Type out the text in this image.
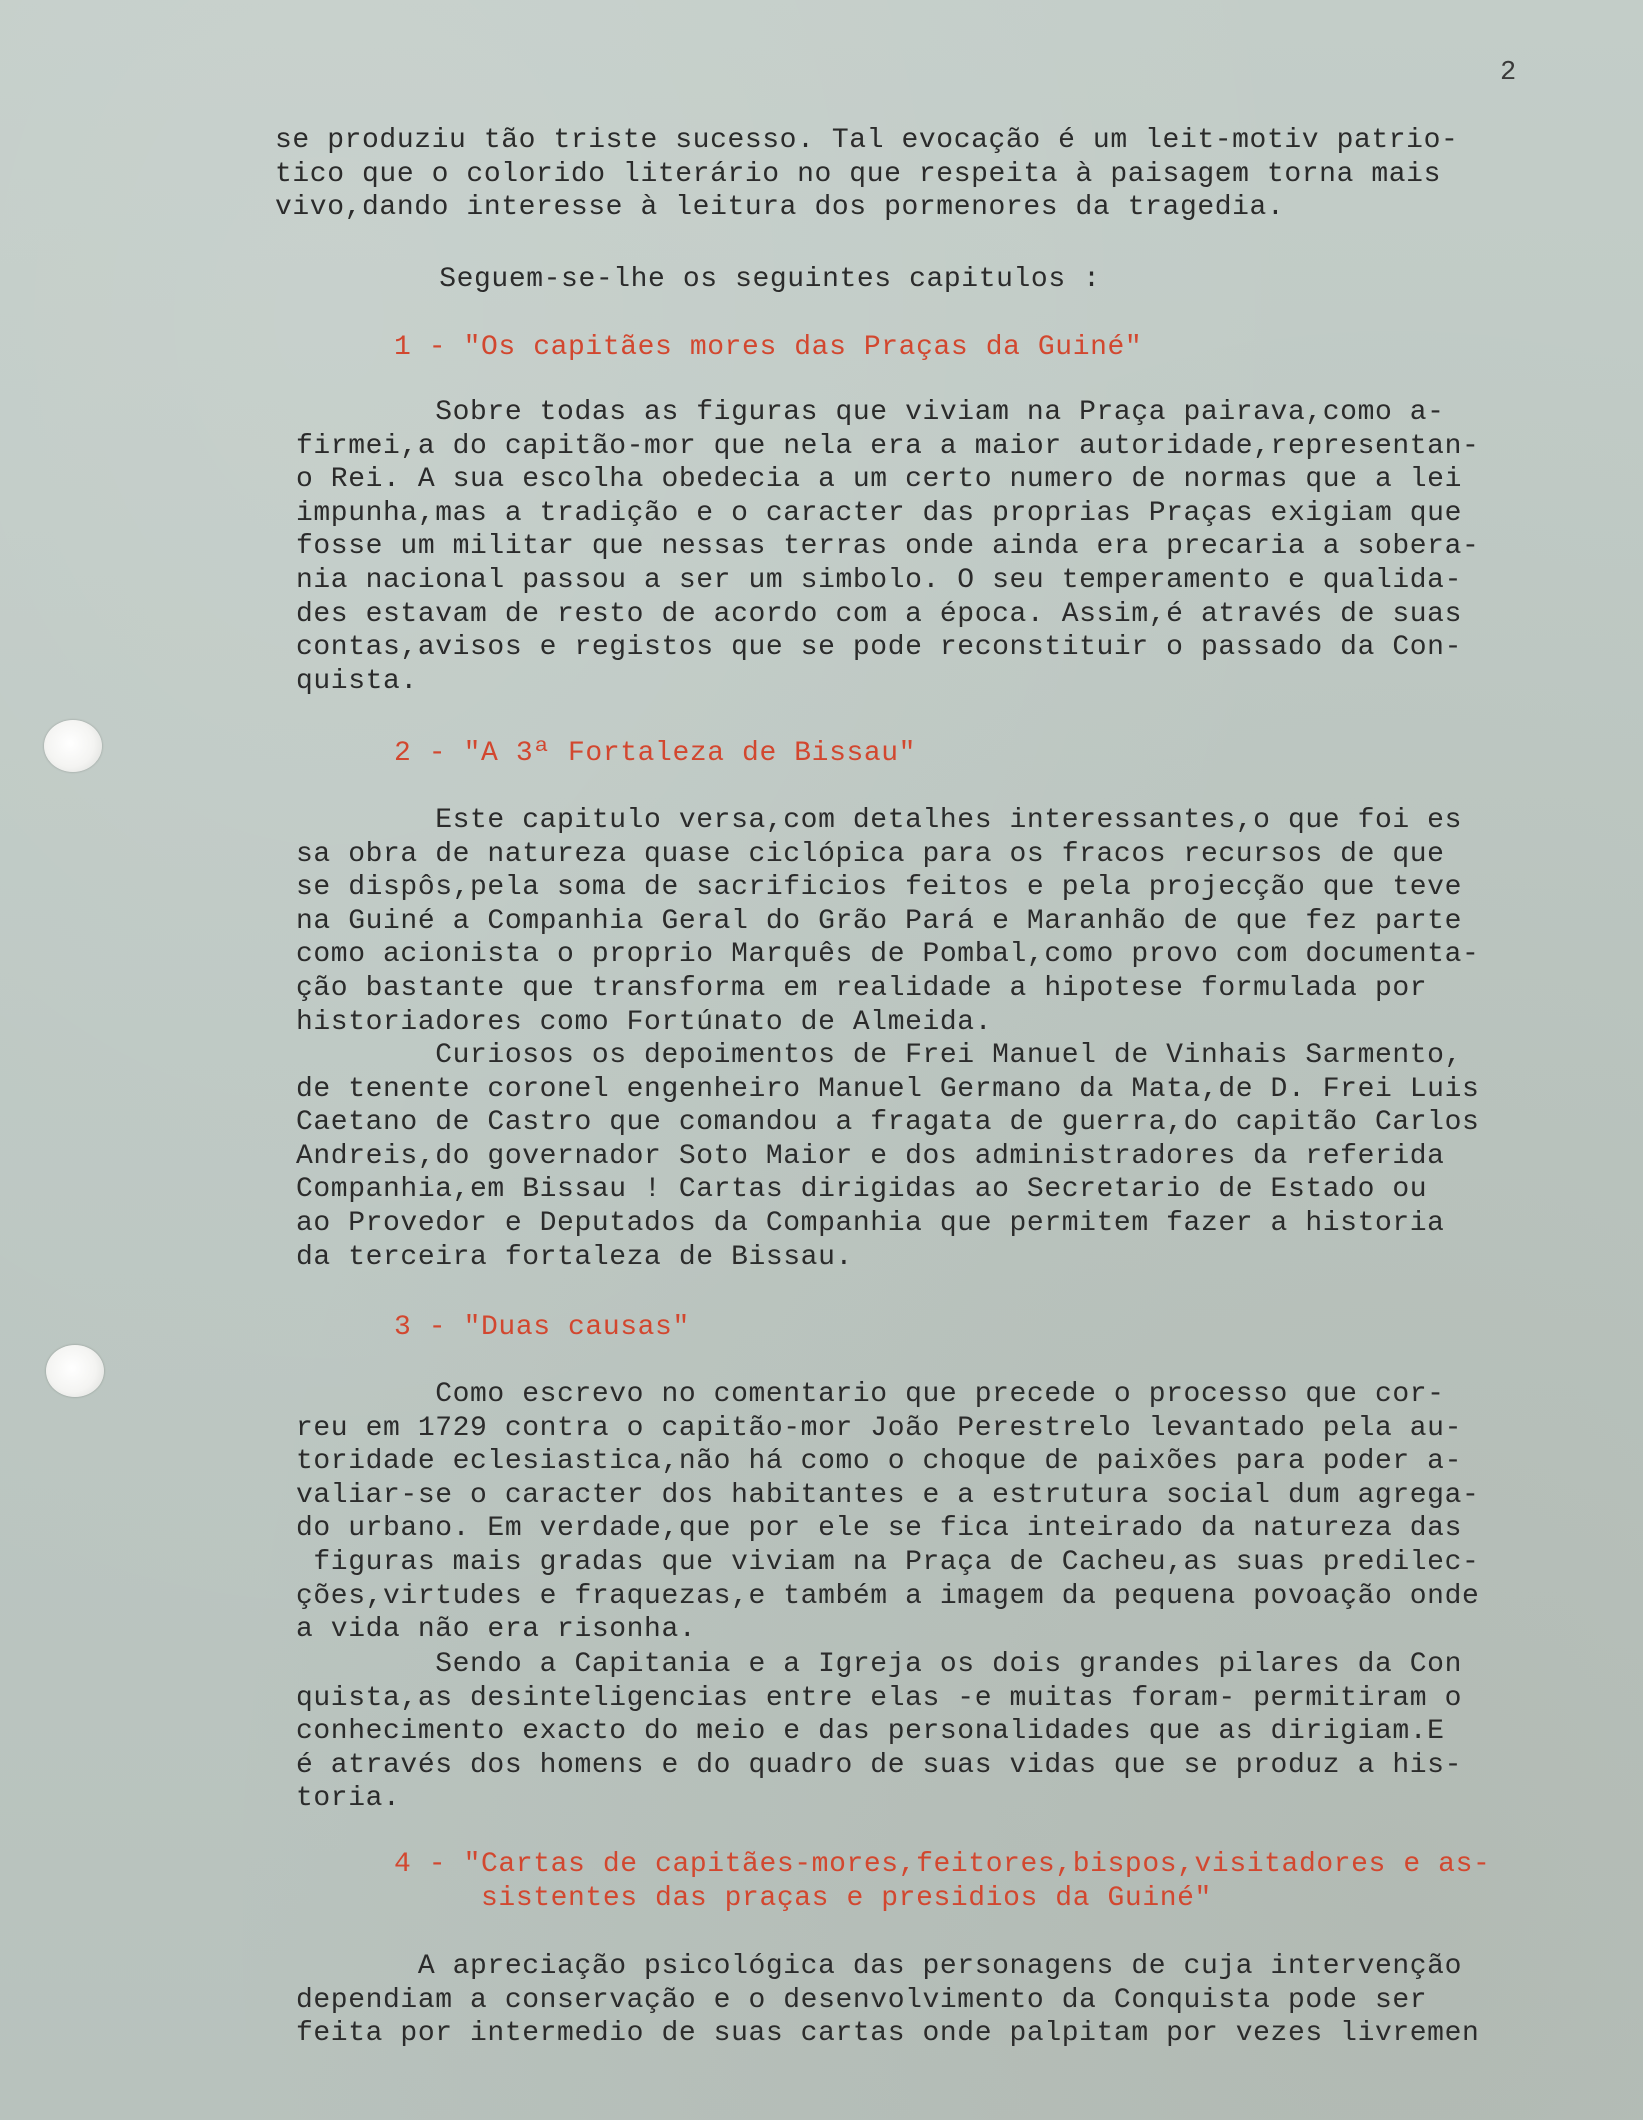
2
se produziu tão triste sucesso. Tal evocação é um leit-motiv patrio-
tico que o colorido literário no que respeita à paisagem torna mais
vivo,dando interesse à leitura dos pormenores da tragedia.
Seguem-se-lhe os seguintes capitulos :
1 - "Os capitães mores das Praças da Guiné"
Sobre todas as figuras que viviam na Praça pairava,como a-
firmei,a do capitão-mor que nela era a maior autoridade,representan-
o Rei. A sua escolha obedecia a um certo numero de normas que a lei
impunha,mas a tradição e o caracter das proprias Praças exigiam que
fosse um militar que nessas terras onde ainda era precaria a sobera-
nia nacional passou a ser um simbolo. O seu temperamento e qualida-
des estavam de resto de acordo com a época. Assim,é através de suas
contas,avisos e registos que se pode reconstituir o passado da Con-
quista.
2 - "A 3ª Fortaleza de Bissau"
Este capitulo versa,com detalhes interessantes,o que foi es
sa obra de natureza quase ciclópica para os fracos recursos de que
se dispôs,pela soma de sacrificios feitos e pela projecção que teve
na Guiné a Companhia Geral do Grão Pará e Maranhão de que fez parte
como acionista o proprio Marquês de Pombal,como provo com documenta-
ção bastante que transforma em realidade a hipotese formulada por
historiadores como Fortúnato de Almeida.
Curiosos os depoimentos de Frei Manuel de Vinhais Sarmento,
de tenente coronel engenheiro Manuel Germano da Mata,de D. Frei Luis
Caetano de Castro que comandou a fragata de guerra,do capitão Carlos
Andreis,do governador Soto Maior e dos administradores da referida
Companhia,em Bissau ! Cartas dirigidas ao Secretario de Estado ou
ao Provedor e Deputados da Companhia que permitem fazer a historia
da terceira fortaleza de Bissau.
3 - "Duas causas"
Como escrevo no comentario que precede o processo que cor-
reu em 1729 contra o capitão-mor João Perestrelo levantado pela au-
toridade eclesiastica,não há como o choque de paixões para poder a-
valiar-se o caracter dos habitantes e a estrutura social dum agrega-
do urbano. Em verdade,que por ele se fica inteirado da natureza das
figuras mais gradas que viviam na Praça de Cacheu,as suas predilec-
ções,virtudes e fraquezas,e também a imagem da pequena povoação onde
a vida não era risonha.
Sendo a Capitania e a Igreja os dois grandes pilares da Con
quista,as desinteligencias entre elas -e muitas foram- permitiram o
conhecimento exacto do meio e das personalidades que as dirigiam.E
é através dos homens e do quadro de suas vidas que se produz a his-
toria.
4 - "Cartas de capitães-mores,feitores,bispos,visitadores e as-
sistentes das praças e presidios da Guiné"
A apreciação psicológica das personagens de cuja intervenção
dependiam a conservação e o desenvolvimento da Conquista pode ser
feita por intermedio de suas cartas onde palpitam por vezes livremen
